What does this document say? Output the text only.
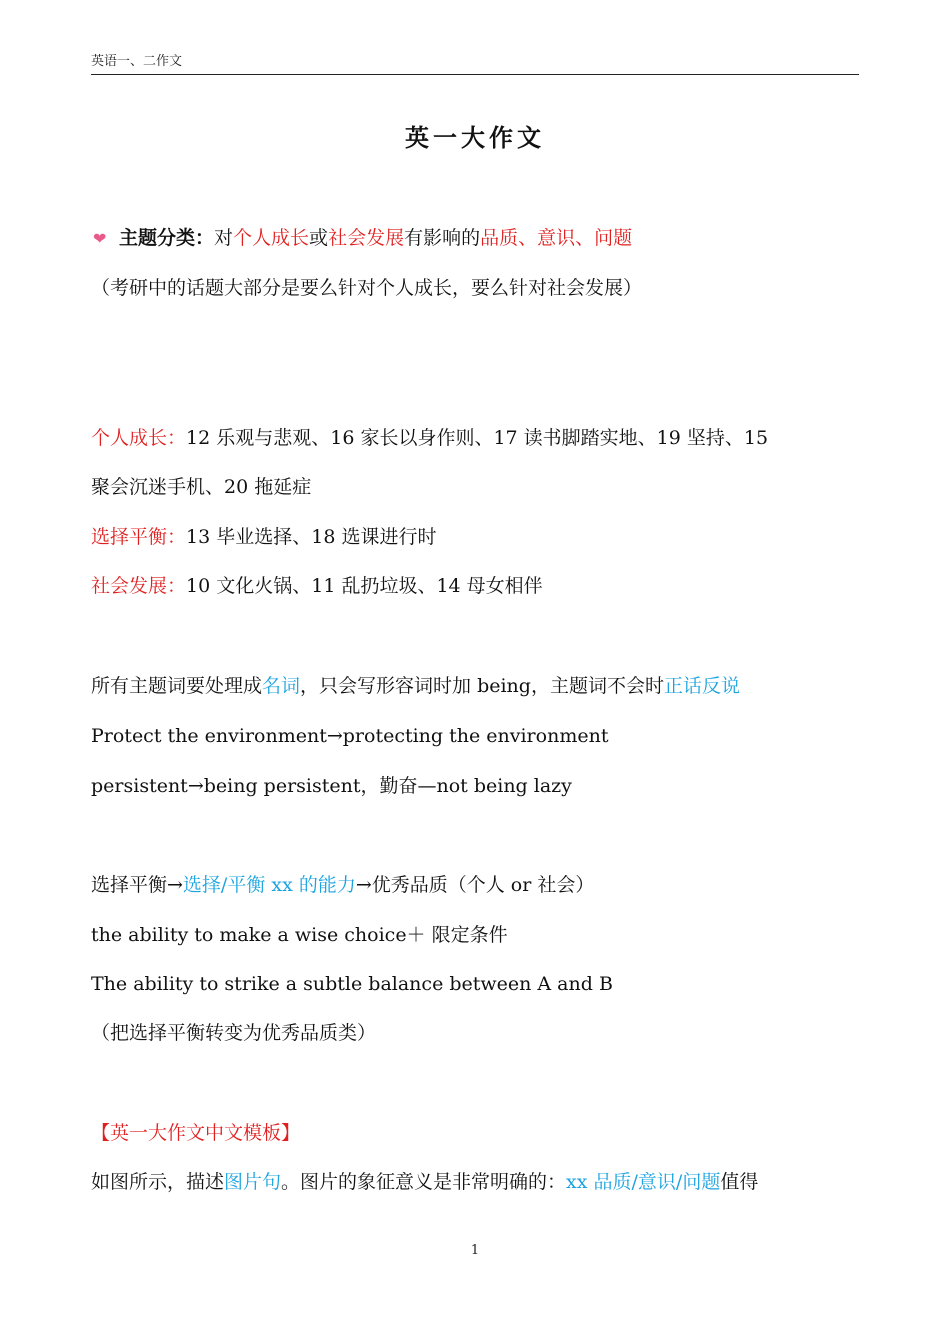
英语一、二作文
英一大作文
❤ 主题分类：对个人成长或社会发展有影响的品质、意识、问题
（考研中的话题大部分是要么针对个人成长，要么针对社会发展）
个人成长：12 乐观与悲观、16 家长以身作则、17 读书脚踏实地、19 坚持、15
聚会沉迷手机、20 拖延症
选择平衡：13 毕业选择、18 选课进行时
社会发展：10 文化火锅、11 乱扔垃圾、14 母女相伴
所有主题词要处理成名词，只会写形容词时加 being，主题词不会时正话反说
Protect the environment→protecting the environment
persistent→being persistent，勤奋—not being lazy
选择平衡→选择/平衡 xx 的能力→优秀品质（个人 or 社会）
the ability to make a wise choice＋ 限定条件
The ability to strike a subtle balance between A and B
（把选择平衡转变为优秀品质类）
【英一大作文中文模板】
如图所示，描述图片句。图片的象征意义是非常明确的：xx 品质/意识/问题值得
1
